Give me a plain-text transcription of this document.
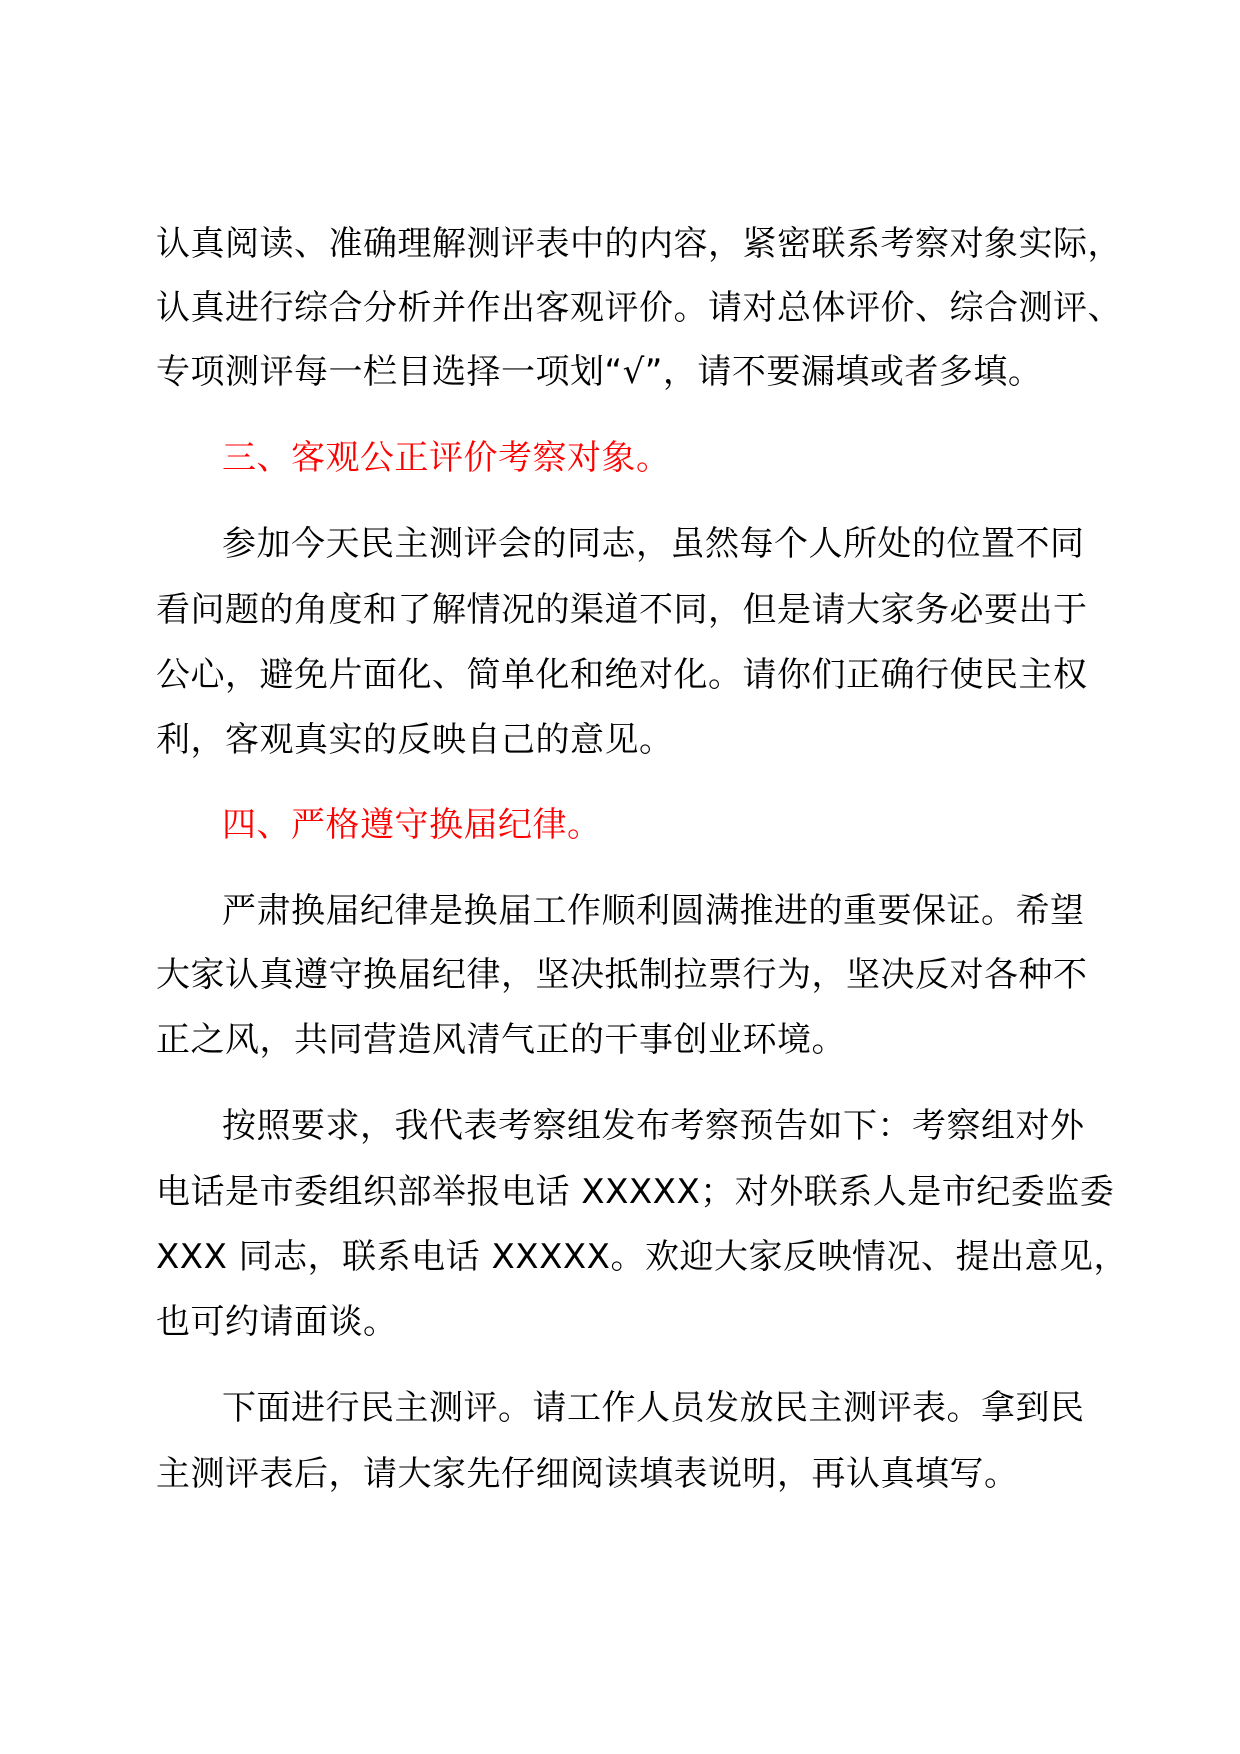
认真阅读、准确理解测评表中的内容，紧密联系考察对象实际，
认真进行综合分析并作出客观评价。请对总体评价、综合测评、
专项测评每一栏目选择一项划“√”，请不要漏填或者多填。
三、客观公正评价考察对象。
参加今天民主测评会的同志，虽然每个人所处的位置不同
看问题的角度和了解情况的渠道不同，但是请大家务必要出于
公心，避免片面化、简单化和绝对化。请你们正确行使民主权
利，客观真实的反映自己的意见。
四、严格遵守换届纪律。
严肃换届纪律是换届工作顺利圆满推进的重要保证。希望
大家认真遵守换届纪律，坚决抵制拉票行为，坚决反对各种不
正之风，共同营造风清气正的干事创业环境。
按照要求，我代表考察组发布考察预告如下：考察组对外
电话是市委组织部举报电话 XXXXX；对外联系人是市纪委监委
XXX 同志，联系电话 XXXXX。欢迎大家反映情况、提出意见，
也可约请面谈。
下面进行民主测评。请工作人员发放民主测评表。拿到民
主测评表后，请大家先仔细阅读填表说明，再认真填写。
